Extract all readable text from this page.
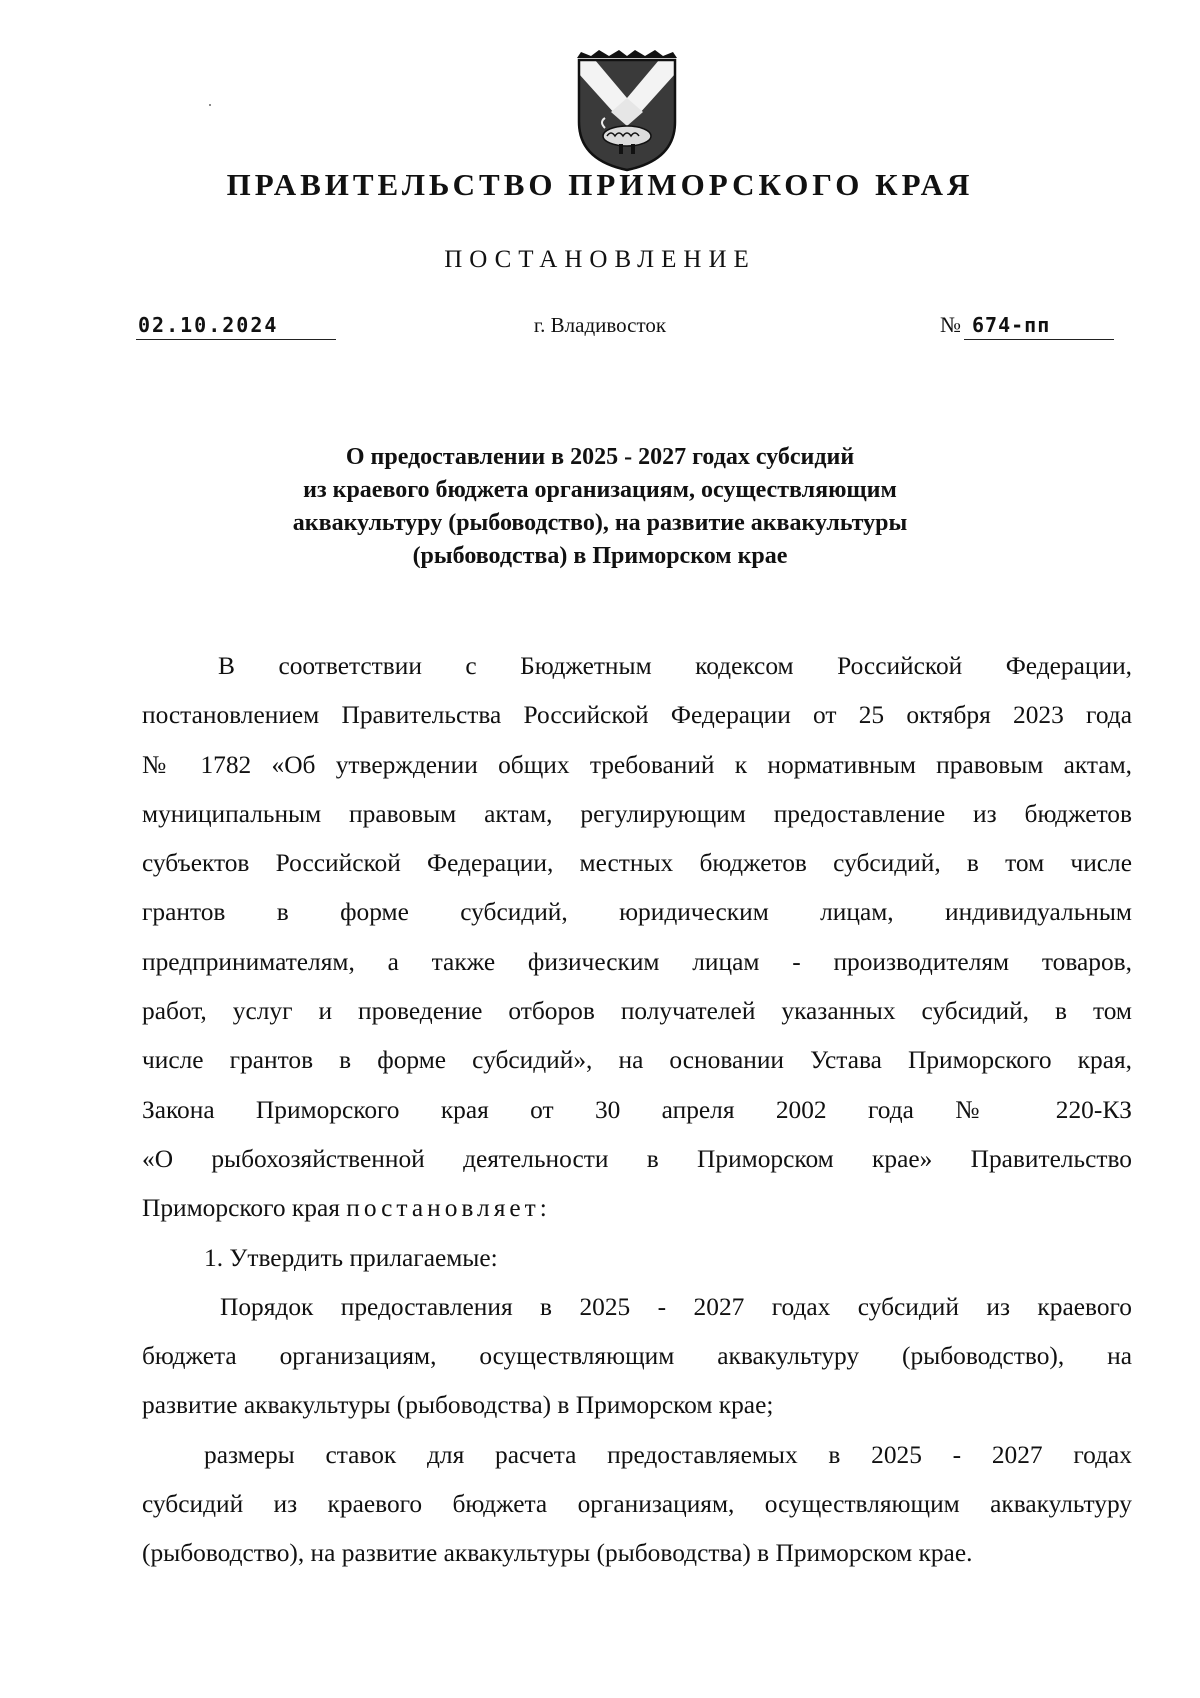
ПРАВИТЕЛЬСТВО ПРИМОРСКОГО КРАЯ
ПОСТАНОВЛЕНИЕ
02.10.2024	г. Владивосток	№ 674-пп
О предоставлении в 2025 - 2027 годах субсидий
из краевого бюджета организациям, осуществляющим
аквакультуру (рыбоводство), на развитие аквакультуры
(рыбоводства) в Приморском крае
В соответствии с Бюджетным кодексом Российской Федерации,
постановлением Правительства Российской Федерации от 25 октября 2023 года
№ 1782 «Об утверждении общих требований к нормативным правовым актам,
муниципальным правовым актам, регулирующим предоставление из бюджетов
субъектов Российской Федерации, местных бюджетов субсидий, в том числе
грантов в форме субсидий, юридическим лицам, индивидуальным
предпринимателям, а также физическим лицам - производителям товаров,
работ, услуг и проведение отборов получателей указанных субсидий, в том
числе грантов в форме субсидий», на основании Устава Приморского края,
Закона Приморского края от 30 апреля 2002 года № 220-КЗ
«О рыбохозяйственной деятельности в Приморском крае» Правительство
Приморского края постановляет:
1. Утвердить прилагаемые:
Порядок предоставления в 2025 - 2027 годах субсидий из краевого
бюджета организациям, осуществляющим аквакультуру (рыбоводство), на
развитие аквакультуры (рыбоводства) в Приморском крае;
размеры ставок для расчета предоставляемых в 2025 - 2027 годах
субсидий из краевого бюджета организациям, осуществляющим аквакультуру
(рыбоводство), на развитие аквакультуры (рыбоводства) в Приморском крае.
